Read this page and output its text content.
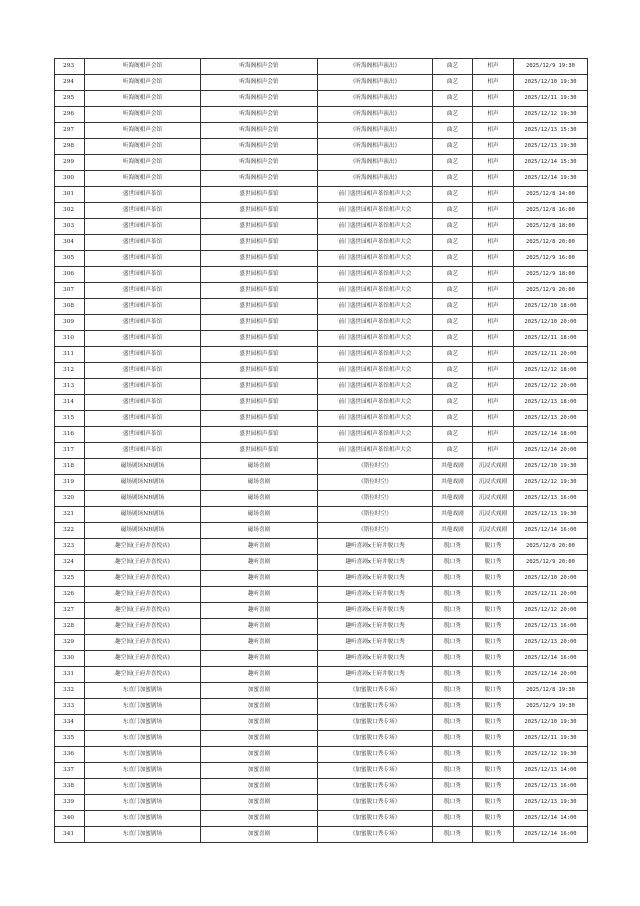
293	听海阁相声会馆	听海阁相声会馆	《听海阁相声演出》	曲艺	相声	2025/12/9 19:30
294	听海阁相声会馆	听海阁相声会馆	《听海阁相声演出》	曲艺	相声	2025/12/10 19:30
295	听海阁相声会馆	听海阁相声会馆	《听海阁相声演出》	曲艺	相声	2025/12/11 19:30
296	听海阁相声会馆	听海阁相声会馆	《听海阁相声演出》	曲艺	相声	2025/12/12 19:30
297	听海阁相声会馆	听海阁相声会馆	《听海阁相声演出》	曲艺	相声	2025/12/13 15:30
298	听海阁相声会馆	听海阁相声会馆	《听海阁相声演出》	曲艺	相声	2025/12/13 19:30
299	听海阁相声会馆	听海阁相声会馆	《听海阁相声演出》	曲艺	相声	2025/12/14 15:30
300	听海阁相声会馆	听海阁相声会馆	《听海阁相声演出》	曲艺	相声	2025/12/14 19:30
301	盛世园相声茶馆	盛世园相声茶馆	前门盛世园相声茶馆相声大会	曲艺	相声	2025/12/8 14:00
302	盛世园相声茶馆	盛世园相声茶馆	前门盛世园相声茶馆相声大会	曲艺	相声	2025/12/8 16:00
303	盛世园相声茶馆	盛世园相声茶馆	前门盛世园相声茶馆相声大会	曲艺	相声	2025/12/8 18:00
304	盛世园相声茶馆	盛世园相声茶馆	前门盛世园相声茶馆相声大会	曲艺	相声	2025/12/8 20:00
305	盛世园相声茶馆	盛世园相声茶馆	前门盛世园相声茶馆相声大会	曲艺	相声	2025/12/9 16:00
306	盛世园相声茶馆	盛世园相声茶馆	前门盛世园相声茶馆相声大会	曲艺	相声	2025/12/9 18:00
307	盛世园相声茶馆	盛世园相声茶馆	前门盛世园相声茶馆相声大会	曲艺	相声	2025/12/9 20:00
308	盛世园相声茶馆	盛世园相声茶馆	前门盛世园相声茶馆相声大会	曲艺	相声	2025/12/10 18:00
309	盛世园相声茶馆	盛世园相声茶馆	前门盛世园相声茶馆相声大会	曲艺	相声	2025/12/10 20:00
310	盛世园相声茶馆	盛世园相声茶馆	前门盛世园相声茶馆相声大会	曲艺	相声	2025/12/11 18:00
311	盛世园相声茶馆	盛世园相声茶馆	前门盛世园相声茶馆相声大会	曲艺	相声	2025/12/11 20:00
312	盛世园相声茶馆	盛世园相声茶馆	前门盛世园相声茶馆相声大会	曲艺	相声	2025/12/12 18:00
313	盛世园相声茶馆	盛世园相声茶馆	前门盛世园相声茶馆相声大会	曲艺	相声	2025/12/12 20:00
314	盛世园相声茶馆	盛世园相声茶馆	前门盛世园相声茶馆相声大会	曲艺	相声	2025/12/13 18:00
315	盛世园相声茶馆	盛世园相声茶馆	前门盛世园相声茶馆相声大会	曲艺	相声	2025/12/13 20:00
316	盛世园相声茶馆	盛世园相声茶馆	前门盛世园相声茶馆相声大会	曲艺	相声	2025/12/14 18:00
317	盛世园相声茶馆	盛世园相声茶馆	前门盛世园相声茶馆相声大会	曲艺	相声	2025/12/14 20:00
318	磁场剧场NH剧场	磁场喜剧	《错位时空》	其他戏剧	沉浸式戏剧	2025/12/10 19:30
319	磁场剧场NH剧场	磁场喜剧	《错位时空》	其他戏剧	沉浸式戏剧	2025/12/12 19:30
320	磁场剧场NH剧场	磁场喜剧	《错位时空》	其他戏剧	沉浸式戏剧	2025/12/13 16:00
321	磁场剧场NH剧场	磁场喜剧	《错位时空》	其他戏剧	沉浸式戏剧	2025/12/13 19:30
322	磁场剧场NH剧场	磁场喜剧	《错位时空》	其他戏剧	沉浸式戏剧	2025/12/14 16:00
323	趣空间(王府井喜悦店)	趣听喜剧	趣听喜剧x王府井脱口秀	脱口秀	脱口秀	2025/12/8 20:00
324	趣空间(王府井喜悦店)	趣听喜剧	趣听喜剧x王府井脱口秀	脱口秀	脱口秀	2025/12/9 20:00
325	趣空间(王府井喜悦店)	趣听喜剧	趣听喜剧x王府井脱口秀	脱口秀	脱口秀	2025/12/10 20:00
326	趣空间(王府井喜悦店)	趣听喜剧	趣听喜剧x王府井脱口秀	脱口秀	脱口秀	2025/12/11 20:00
327	趣空间(王府井喜悦店)	趣听喜剧	趣听喜剧x王府井脱口秀	脱口秀	脱口秀	2025/12/12 20:00
328	趣空间(王府井喜悦店)	趣听喜剧	趣听喜剧x王府井脱口秀	脱口秀	脱口秀	2025/12/13 16:00
329	趣空间(王府井喜悦店)	趣听喜剧	趣听喜剧x王府井脱口秀	脱口秀	脱口秀	2025/12/13 20:00
330	趣空间(王府井喜悦店)	趣听喜剧	趣听喜剧x王府井脱口秀	脱口秀	脱口秀	2025/12/14 16:00
331	趣空间(王府井喜悦店)	趣听喜剧	趣听喜剧x王府井脱口秀	脱口秀	脱口秀	2025/12/14 20:00
332	东直门加蜜剧场	加蜜喜剧	《加蜜脱口秀专场》	脱口秀	脱口秀	2025/12/8 19:30
333	东直门加蜜剧场	加蜜喜剧	《加蜜脱口秀专场》	脱口秀	脱口秀	2025/12/9 19:30
334	东直门加蜜剧场	加蜜喜剧	《加蜜脱口秀专场》	脱口秀	脱口秀	2025/12/10 19:30
335	东直门加蜜剧场	加蜜喜剧	《加蜜脱口秀专场》	脱口秀	脱口秀	2025/12/11 19:30
336	东直门加蜜剧场	加蜜喜剧	《加蜜脱口秀专场》	脱口秀	脱口秀	2025/12/12 19:30
337	东直门加蜜剧场	加蜜喜剧	《加蜜脱口秀专场》	脱口秀	脱口秀	2025/12/13 14:00
338	东直门加蜜剧场	加蜜喜剧	《加蜜脱口秀专场》	脱口秀	脱口秀	2025/12/13 16:00
339	东直门加蜜剧场	加蜜喜剧	《加蜜脱口秀专场》	脱口秀	脱口秀	2025/12/13 19:30
340	东直门加蜜剧场	加蜜喜剧	《加蜜脱口秀专场》	脱口秀	脱口秀	2025/12/14 14:00
341	东直门加蜜剧场	加蜜喜剧	《加蜜脱口秀专场》	脱口秀	脱口秀	2025/12/14 16:00
